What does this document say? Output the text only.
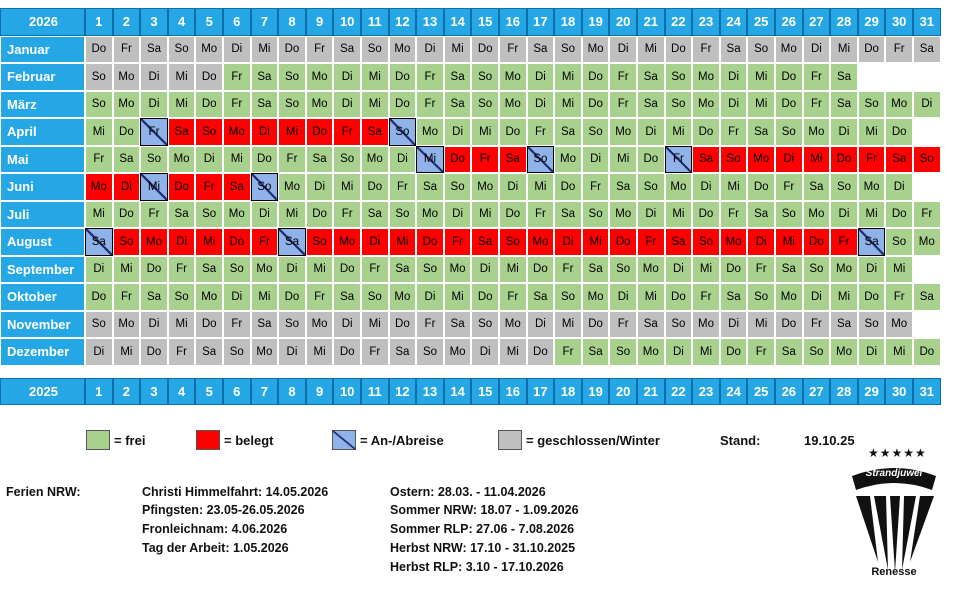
2026	1	2	3	4	5	6	7	8	9	10	11	12	13	14	15	16	17	18	19	20	21	22	23	24	25	26	27	28	29	30	31
Januar	Do	Fr	Sa	So	Mo	Di	Mi	Do	Fr	Sa	So	Mo	Di	Mi	Do	Fr	Sa	So	Mo	Di	Mi	Do	Fr	Sa	So	Mo	Di	Mi	Do	Fr	Sa
Februar	So	Mo	Di	Mi	Do	Fr	Sa	So	Mo	Di	Mi	Do	Fr	Sa	So	Mo	Di	Mi	Do	Fr	Sa	So	Mo	Di	Mi	Do	Fr	Sa
März	So	Mo	Di	Mi	Do	Fr	Sa	So	Mo	Di	Mi	Do	Fr	Sa	So	Mo	Di	Mi	Do	Fr	Sa	So	Mo	Di	Mi	Do	Fr	Sa	So	Mo	Di
April	Mi	Do	Fr	Sa	So	Mo	Di	Mi	Do	Fr	Sa	So	Mo	Di	Mi	Do	Fr	Sa	So	Mo	Di	Mi	Do	Fr	Sa	So	Mo	Di	Mi	Do
Mai	Fr	Sa	So	Mo	Di	Mi	Do	Fr	Sa	So	Mo	Di	Mi	Do	Fr	Sa	So	Mo	Di	Mi	Do	Fr	Sa	So	Mo	Di	Mi	Do	Fr	Sa	So
Juni	Mo	Di	Mi	Do	Fr	Sa	So	Mo	Di	Mi	Do	Fr	Sa	So	Mo	Di	Mi	Do	Fr	Sa	So	Mo	Di	Mi	Do	Fr	Sa	So	Mo	Di
Juli	Mi	Do	Fr	Sa	So	Mo	Di	Mi	Do	Fr	Sa	So	Mo	Di	Mi	Do	Fr	Sa	So	Mo	Di	Mi	Do	Fr	Sa	So	Mo	Di	Mi	Do	Fr
August	Sa	So	Mo	Di	Mi	Do	Fr	Sa	So	Mo	Di	Mi	Do	Fr	Sa	So	Mo	Di	Mi	Do	Fr	Sa	So	Mo	Di	Mi	Do	Fr	Sa	So	Mo
September	Di	Mi	Do	Fr	Sa	So	Mo	Di	Mi	Do	Fr	Sa	So	Mo	Di	Mi	Do	Fr	Sa	So	Mo	Di	Mi	Do	Fr	Sa	So	Mo	Di	Mi
Oktober	Do	Fr	Sa	So	Mo	Di	Mi	Do	Fr	Sa	So	Mo	Di	Mi	Do	Fr	Sa	So	Mo	Di	Mi	Do	Fr	Sa	So	Mo	Di	Mi	Do	Fr	Sa
November	So	Mo	Di	Mi	Do	Fr	Sa	So	Mo	Di	Mi	Do	Fr	Sa	So	Mo	Di	Mi	Do	Fr	Sa	So	Mo	Di	Mi	Do	Fr	Sa	So	Mo
Dezember	Di	Mi	Do	Fr	Sa	So	Mo	Di	Mi	Do	Fr	Sa	So	Mo	Di	Mi	Do	Fr	Sa	So	Mo	Di	Mi	Do	Fr	Sa	So	Mo	Di	Mi	Do
2025	1	2	3	4	5	6	7	8	9	10	11	12	13	14	15	16	17	18	19	20	21	22	23	24	25	26	27	28	29	30	31
= frei	= belegt	= An-/Abreise	= geschlossen/Winter	Stand:	19.10.25
Ferien NRW:	Christi Himmelfahrt: 14.05.2026
Pfingsten: 23.05-26.05.2026
Fronleichnam: 4.06.2026
Tag der Arbeit: 1.05.2026
Ostern: 28.03. - 11.04.2026
Sommer NRW: 18.07 - 1.09.2026
Sommer RLP: 27.06 - 7.08.2026
Herbst NRW: 17.10 - 31.10.2025
Herbst RLP: 3.10 - 17.10.2026
★★★★★
Strandjuwel
Renesse
